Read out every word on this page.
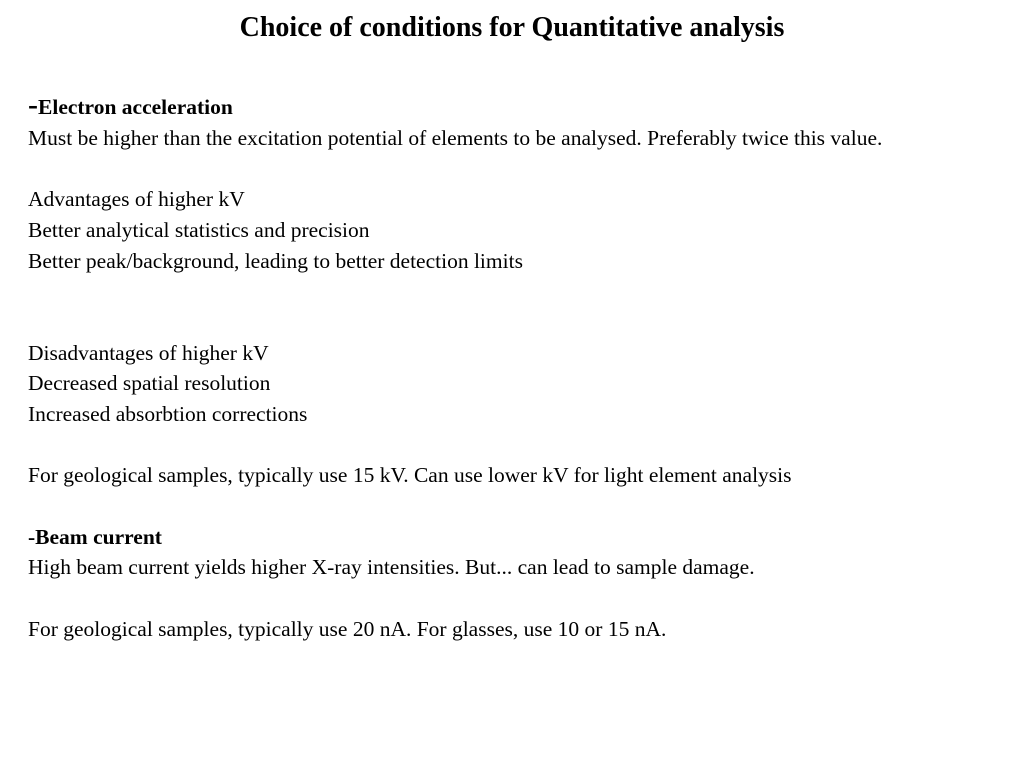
Choice of conditions for Quantitative analysis

-Electron acceleration

Must be higher than the excitation potential of elements to be analysed. Preferably twice this value.

Advantages of higher kV

Better analytical statistics and precision

Better peak/background, leading to better detection limits

Disadvantages of higher kV

Decreased spatial resolution

Increased absorbtion corrections

For geological samples, typically use 15 kV. Can use lower kV for light element analysis

-Beam current

High beam current yields higher X-ray intensities. But... can lead to sample damage.

For geological samples, typically use 20 nA. For glasses, use 10 or 15 nA.
